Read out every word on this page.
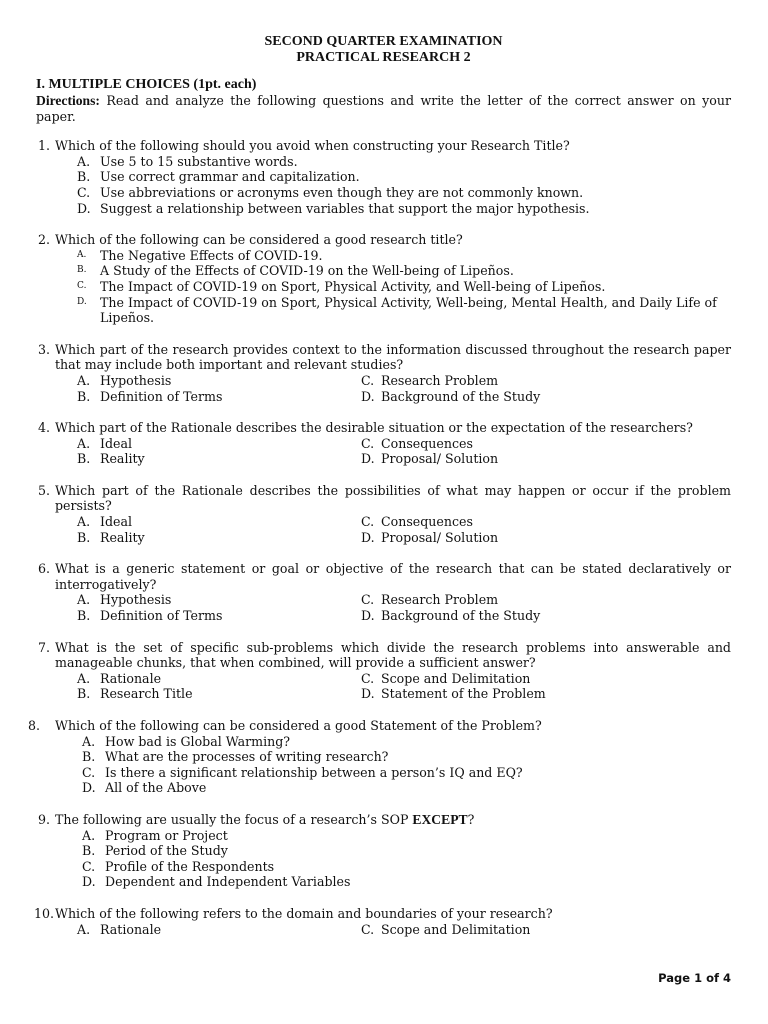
SECOND QUARTER EXAMINATION
PRACTICAL RESEARCH 2
I. MULTIPLE CHOICES (1pt. each)
Directions: Read and analyze the following questions and write the letter of the correct answer on your paper.
1. Which of the following should you avoid when constructing your Research Title?
A. Use 5 to 15 substantive words.
B. Use correct grammar and capitalization.
C. Use abbreviations or acronyms even though they are not commonly known.
D. Suggest a relationship between variables that support the major hypothesis.
2. Which of the following can be considered a good research title?
A. The Negative Effects of COVID-19.
B. A Study of the Effects of COVID-19 on the Well-being of Lipeños.
C. The Impact of COVID-19 on Sport, Physical Activity, and Well-being of Lipeños.
D. The Impact of COVID-19 on Sport, Physical Activity, Well-being, Mental Health, and Daily Life of Lipeños.
3. Which part of the research provides context to the information discussed throughout the research paper that may include both important and relevant studies?
A. Hypothesis	C. Research Problem
B. Definition of Terms	D. Background of the Study
4. Which part of the Rationale describes the desirable situation or the expectation of the researchers?
A. Ideal	C. Consequences
B. Reality	D. Proposal/ Solution
5. Which part of the Rationale describes the possibilities of what may happen or occur if the problem persists?
A. Ideal	C. Consequences
B. Reality	D. Proposal/ Solution
6. What is a generic statement or goal or objective of the research that can be stated declaratively or interrogatively?
A. Hypothesis	C. Research Problem
B. Definition of Terms	D. Background of the Study
7. What is the set of specific sub-problems which divide the research problems into answerable and manageable chunks, that when combined, will provide a sufficient answer?
A. Rationale	C. Scope and Delimitation
B. Research Title	D. Statement of the Problem
8. Which of the following can be considered a good Statement of the Problem?
A. How bad is Global Warming?
B. What are the processes of writing research?
C. Is there a significant relationship between a person’s IQ and EQ?
D. All of the Above
9. The following are usually the focus of a research’s SOP EXCEPT?
A. Program or Project
B. Period of the Study
C. Profile of the Respondents
D. Dependent and Independent Variables
10. Which of the following refers to the domain and boundaries of your research?
A. Rationale	C. Scope and Delimitation
Page 1 of 4
